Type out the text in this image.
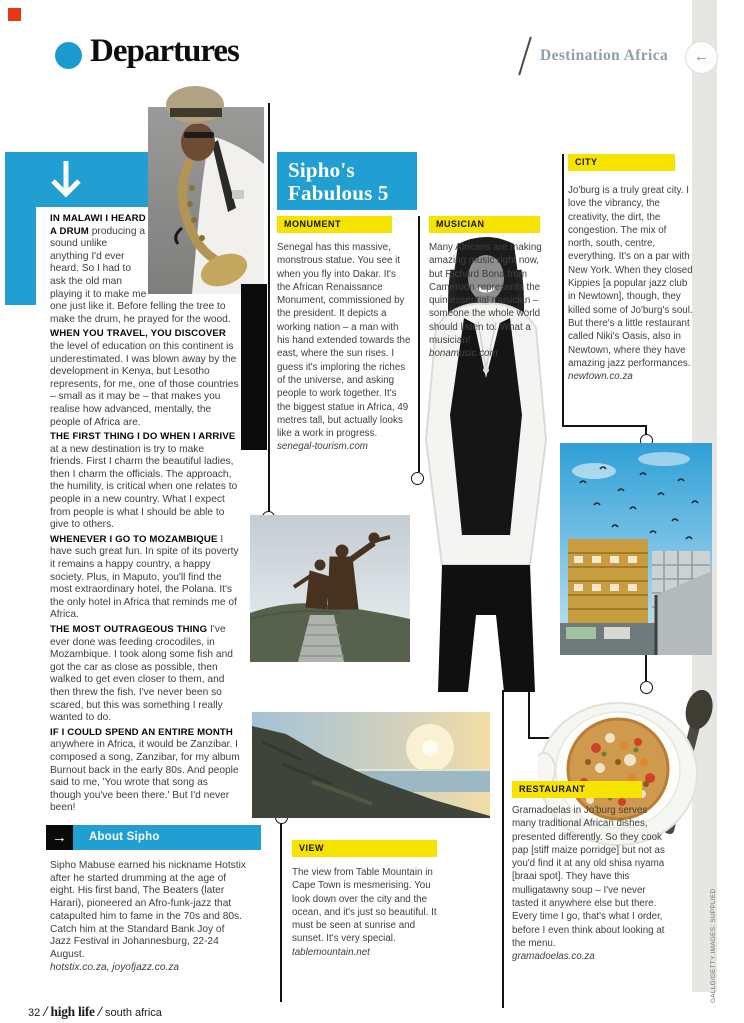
Departures	Destination Africa	←
Sipho's Fabulous 5
MONUMENT	MUSICIAN
CITY
VIEW
RESTAURANT
Senegal has this massive, monstrous statue. You see it when you fly into Dakar. It's the African Renaissance Monument, commissioned by the president. It depicts a working nation – a man with his hand extended towards the east, where the sun rises. I guess it's imploring the riches of the universe, and asking people to work together. It's the biggest statue in Africa, 49 metres tall, but actually looks like a work in progress.
senegal-tourism.com
Many Africans are making amazing music right now, but Richard Bona from Cameroon represents the quintessential musician – someone the whole world should listen to. What a musician!
bonamusic.com
Jo'burg is a truly great city. I love the vibrancy, the creativity, the dirt, the congestion. The mix of north, south, centre, everything. It's on a par with New York. When they closed Kippies [a popular jazz club in Newtown], though, they killed some of Jo'burg's soul. But there's a little restaurant called Niki's Oasis, also in Newtown, where they have amazing jazz performances.
newtown.co.za
The view from Table Mountain in Cape Town is mesmerising. You look down over the city and the ocean, and it's just so beautiful. It must be seen at sunrise and sunset. It's very special.
tablemountain.net
Gramadoelas in Jo'burg serves many traditional African dishes, presented differently. So they cook pap [stiff maize porridge] but not as you'd find it at any old shisa nyama [braai spot]. They have this mulligatawny soup – I've never tasted it anywhere else but there. Every time I go, that's what I order, before I even think about looking at the menu.
gramadoelas.co.za

IN MALAWI I HEARD A DRUM producing a sound unlike anything I'd ever heard. So I had to ask the old man playing it to make me one just like it. Before felling the tree to make the drum, he prayed for the wood.

WHEN YOU TRAVEL, YOU DISCOVER the level of education on this continent is underestimated. I was blown away by the development in Kenya, but Lesotho represents, for me, one of those countries – small as it may be – that makes you realise how advanced, mentally, the people of Africa are.

THE FIRST THING I DO WHEN I ARRIVE at a new destination is try to make friends. First I charm the beautiful ladies, then I charm the officials. The approach, the humility, is critical when one relates to people in a new country. What I expect from people is what I should be able to give to others.

WHENEVER I GO TO MOZAMBIQUE I have such great fun. In spite of its poverty it remains a happy country, a happy society. Plus, in Maputo, you'll find the most extraordinary hotel, the Polana. It's the only hotel in Africa that reminds me of Africa.

THE MOST OUTRAGEOUS THING I've ever done was feeding crocodiles, in Mozambique. I took along some fish and got the car as close as possible, then walked to get even closer to them, and then threw the fish. I've never been so scared, but this was something I really wanted to do.

IF I COULD SPEND AN ENTIRE MONTH anywhere in Africa, it would be Zanzibar. I composed a song, Zanzibar, for my album Burnout back in the early 80s. And people said to me, 'You wrote that song as though you've been there.' But I'd never been!

→	About Sipho
Sipho Mabuse earned his nickname Hotstix after he started drumming at the age of eight. His first band, The Beaters (later Harari), pioneered an Afro-funk-jazz that catapulted him to fame in the 70s and 80s. Catch him at the Standard Bank Joy of Jazz Festival in Johannesburg, 22-24 August.
hotstix.co.za, joyofjazz.co.za
32 / high life / south africa
GALLO/GETTY IMAGES: SUPPLIED
